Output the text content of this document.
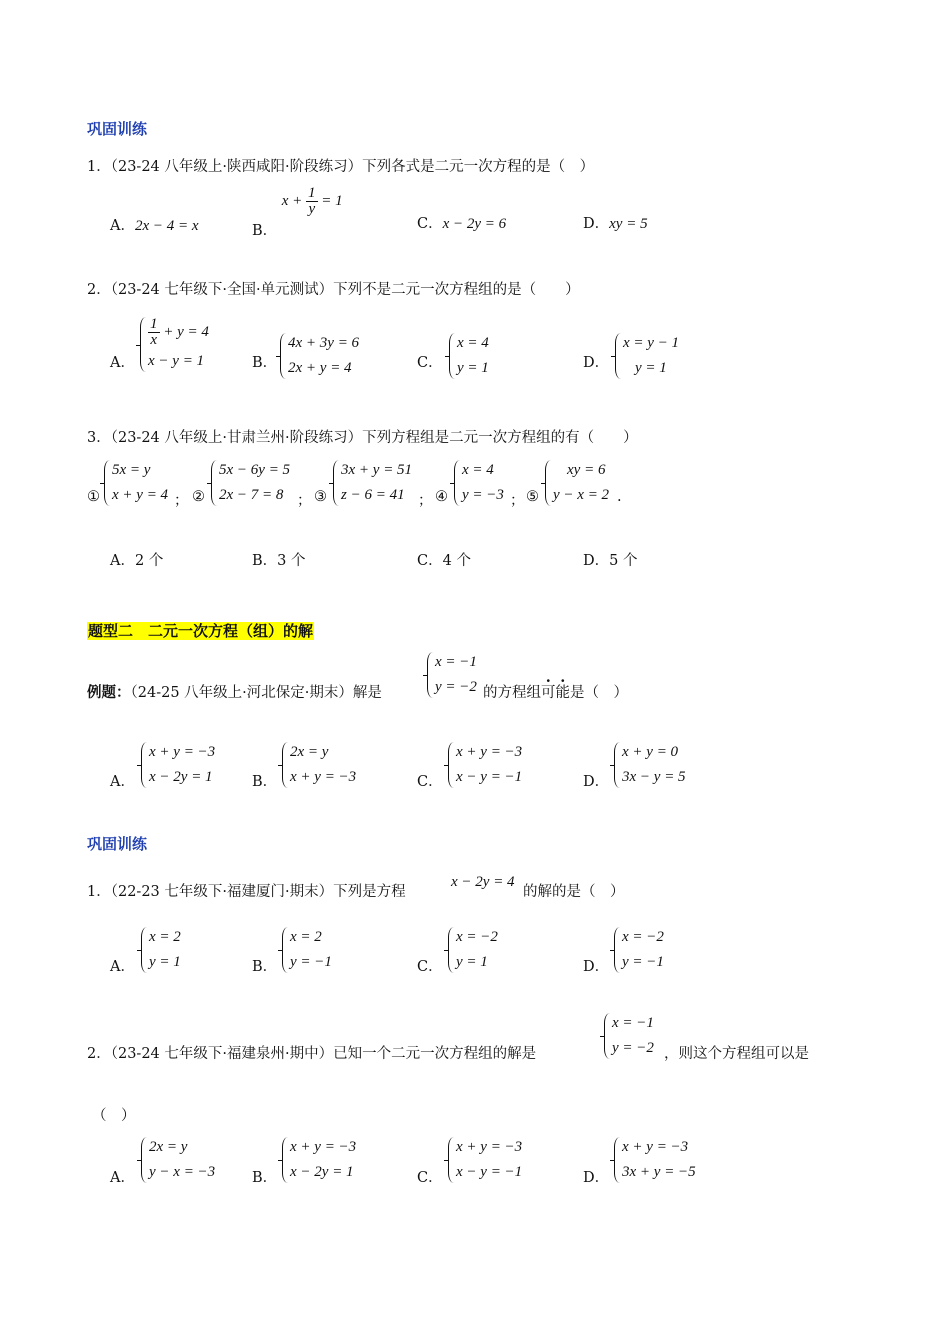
巩固训练
1．（23-24 八年级上·陕西咸阳·阶段练习）下列各式是二元一次方程的是（　）
A．2x − 4 = x	B． $x + \frac{1}{y} = 1$
C．x − 2y = 6	D．xy = 5
2．（23-24 七年级下·全国·单元测试）下列不是二元一次方程组的是（　　）
A．
$\frac{1}{x} + y = 4$
x − y = 1	B．
4x + 3y = 6
2x + y = 4	C．
x = 4
y = 1	D．
x = y − 1
y = 1
3．（23-24 八年级上·甘肃兰州·阶段练习）下列方程组是二元一次方程组的有（　　）
①
5x = y
x + y = 4 ； ②
5x − 6y = 5
2x − 7 = 8 ； ③
3x + y = 51
z − 6 = 41 ； ④
x = 4
y = −3 ； ⑤
xy = 6
y − x = 2 .
A．2 个	B．3 个	C．4 个	D．5 个
题型二　二元一次方程（组）的解
例题：（24-25 八年级上·河北保定·期末）解是
x = −1
y = −2 的方程组可能是（　）
A．
x + y = −3
x − 2y = 1	B．
2x = y
x + y = −3	C．
x + y = −3
x − y = −1	D．
x + y = 0
3x − y = 5
巩固训练
1．（22-23 七年级下·福建厦门·期末）下列是方程
x − 2y = 4
的解的是（　）
A．
x = 2
y = 1	B．
x = 2
y = −1	C．
x = −2
y = 1	D．
x = −2
y = −1
2．（23-24 七年级下·福建泉州·期中）已知一个二元一次方程组的解是
x = −1
y = −2 ，则这个方程组可以是
（　）
A．
2x = y
y − x = −3	B．
x + y = −3
x − 2y = 1	C．
x + y = −3
x − y = −1	D．
x + y = −3
3x + y = −5
